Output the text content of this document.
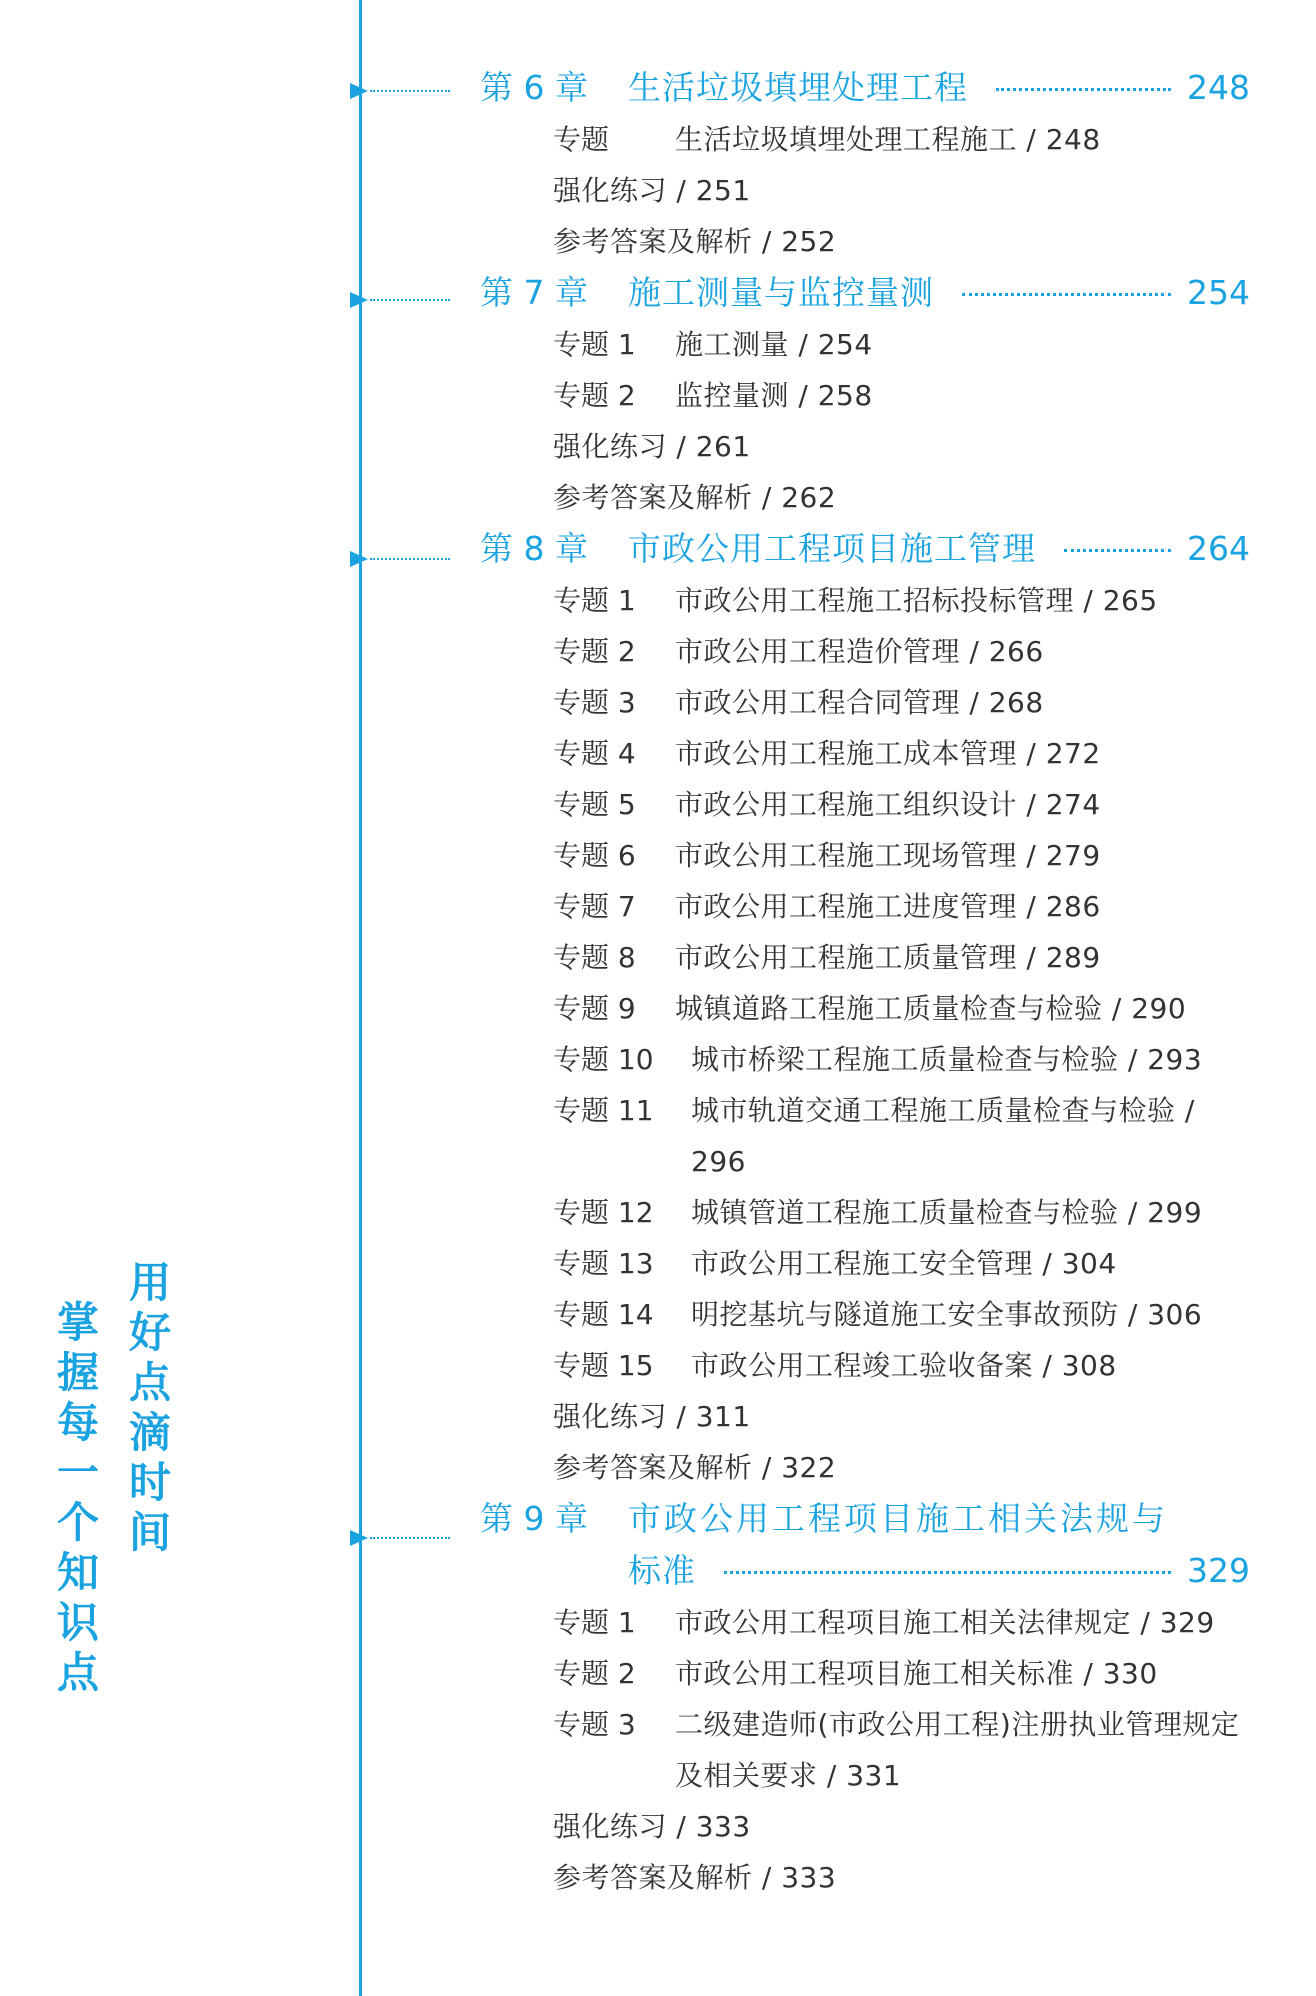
用好点滴时间
掌握每一个知识点
第 6 章	生活垃圾填埋处理工程	248
专题	生活垃圾填埋处理工程施工 / 248
强化练习 / 251
参考答案及解析 / 252
第 7 章	施工测量与监控量测	254
专题 1	施工测量 / 254
专题 2	监控量测 / 258
强化练习 / 261
参考答案及解析 / 262
第 8 章	市政公用工程项目施工管理	264
专题 1	市政公用工程施工招标投标管理 / 265
专题 2	市政公用工程造价管理 / 266
专题 3	市政公用工程合同管理 / 268
专题 4	市政公用工程施工成本管理 / 272
专题 5	市政公用工程施工组织设计 / 274
专题 6	市政公用工程施工现场管理 / 279
专题 7	市政公用工程施工进度管理 / 286
专题 8	市政公用工程施工质量管理 / 289
专题 9	城镇道路工程施工质量检查与检验 / 290
专题 10	城市桥梁工程施工质量检查与检验 / 293
专题 11	城市轨道交通工程施工质量检查与检验 / 296
专题 12	城镇管道工程施工质量检查与检验 / 299
专题 13	市政公用工程施工安全管理 / 304
专题 14	明挖基坑与隧道施工安全事故预防 / 306
专题 15	市政公用工程竣工验收备案 / 308
强化练习 / 311
参考答案及解析 / 322
第 9 章	市政公用工程项目施工相关法规与
标准	329
专题 1	市政公用工程项目施工相关法律规定 / 329
专题 2	市政公用工程项目施工相关标准 / 330
专题 3	二级建造师(市政公用工程)注册执业管理规定及相关要求 / 331
强化练习 / 333
参考答案及解析 / 333
